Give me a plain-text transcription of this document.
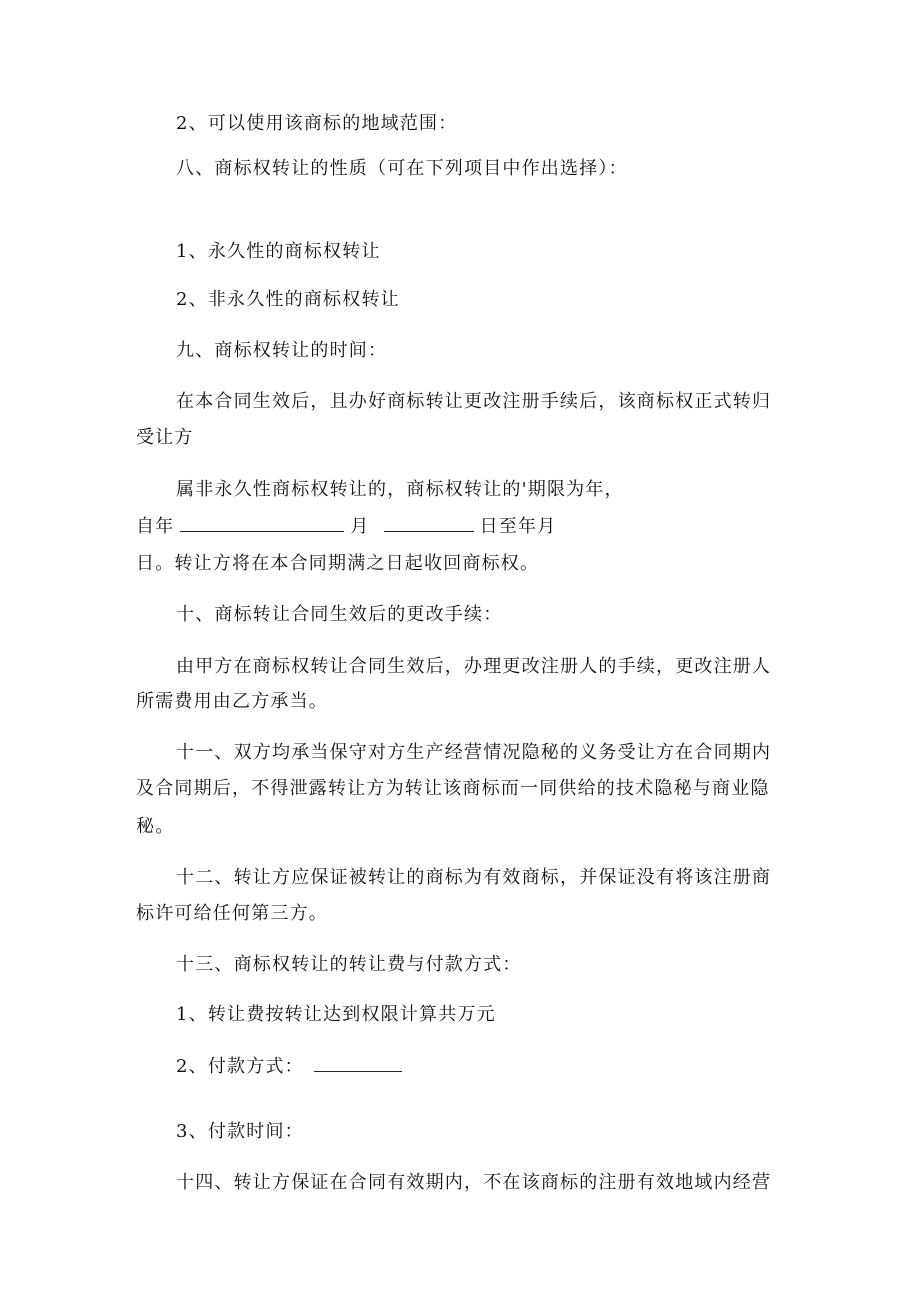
2、可以使用该商标的地域范围：
八、商标权转让的性质（可在下列项目中作出选择）：
1、永久性的商标权转让
2、非永久性的商标权转让
九、商标权转让的时间：
在本合同生效后，且办好商标转让更改注册手续后，该商标权正式转归
受让方
属非永久性商标权转让的，商标权转让的'期限为年，
自年	月	日至年月
日。转让方将在本合同期满之日起收回商标权。
十、商标转让合同生效后的更改手续：
由甲方在商标权转让合同生效后，办理更改注册人的手续，更改注册人
所需费用由乙方承当。
十一、双方均承当保守对方生产经营情况隐秘的义务受让方在合同期内
及合同期后，不得泄露转让方为转让该商标而一同供给的技术隐秘与商业隐
秘。
十二、转让方应保证被转让的商标为有效商标，并保证没有将该注册商
标许可给任何第三方。
十三、商标权转让的转让费与付款方式：
1、转让费按转让达到权限计算共万元
2、付款方式：
3、付款时间：
十四、转让方保证在合同有效期内，不在该商标的注册有效地域内经营
